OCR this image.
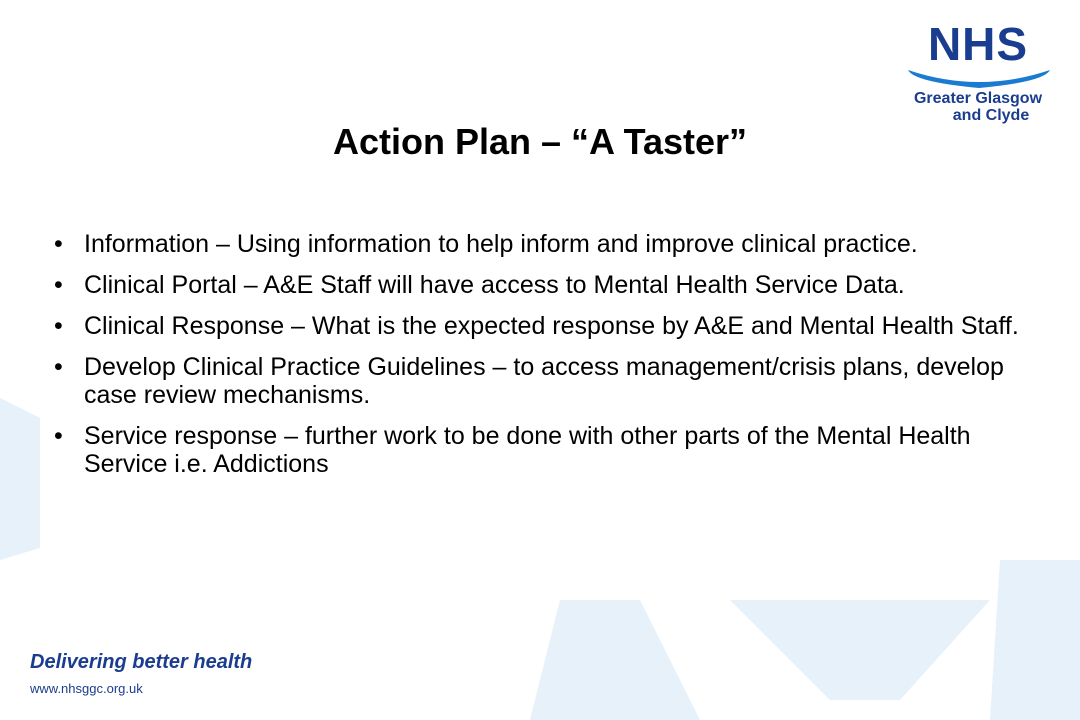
NHS
Greater Glasgow
and Clyde
Action Plan – “A Taster”
• Information – Using information to help inform and improve clinical practice.
• Clinical Portal – A&E Staff will have access to Mental Health Service Data.
• Clinical Response – What is the expected response by A&E and Mental Health Staff.
• Develop Clinical Practice Guidelines – to access management/crisis plans, develop case review mechanisms.
• Service response – further work to be done with other parts of the Mental Health Service i.e. Addictions
Delivering better health
www.nhsggc.org.uk
